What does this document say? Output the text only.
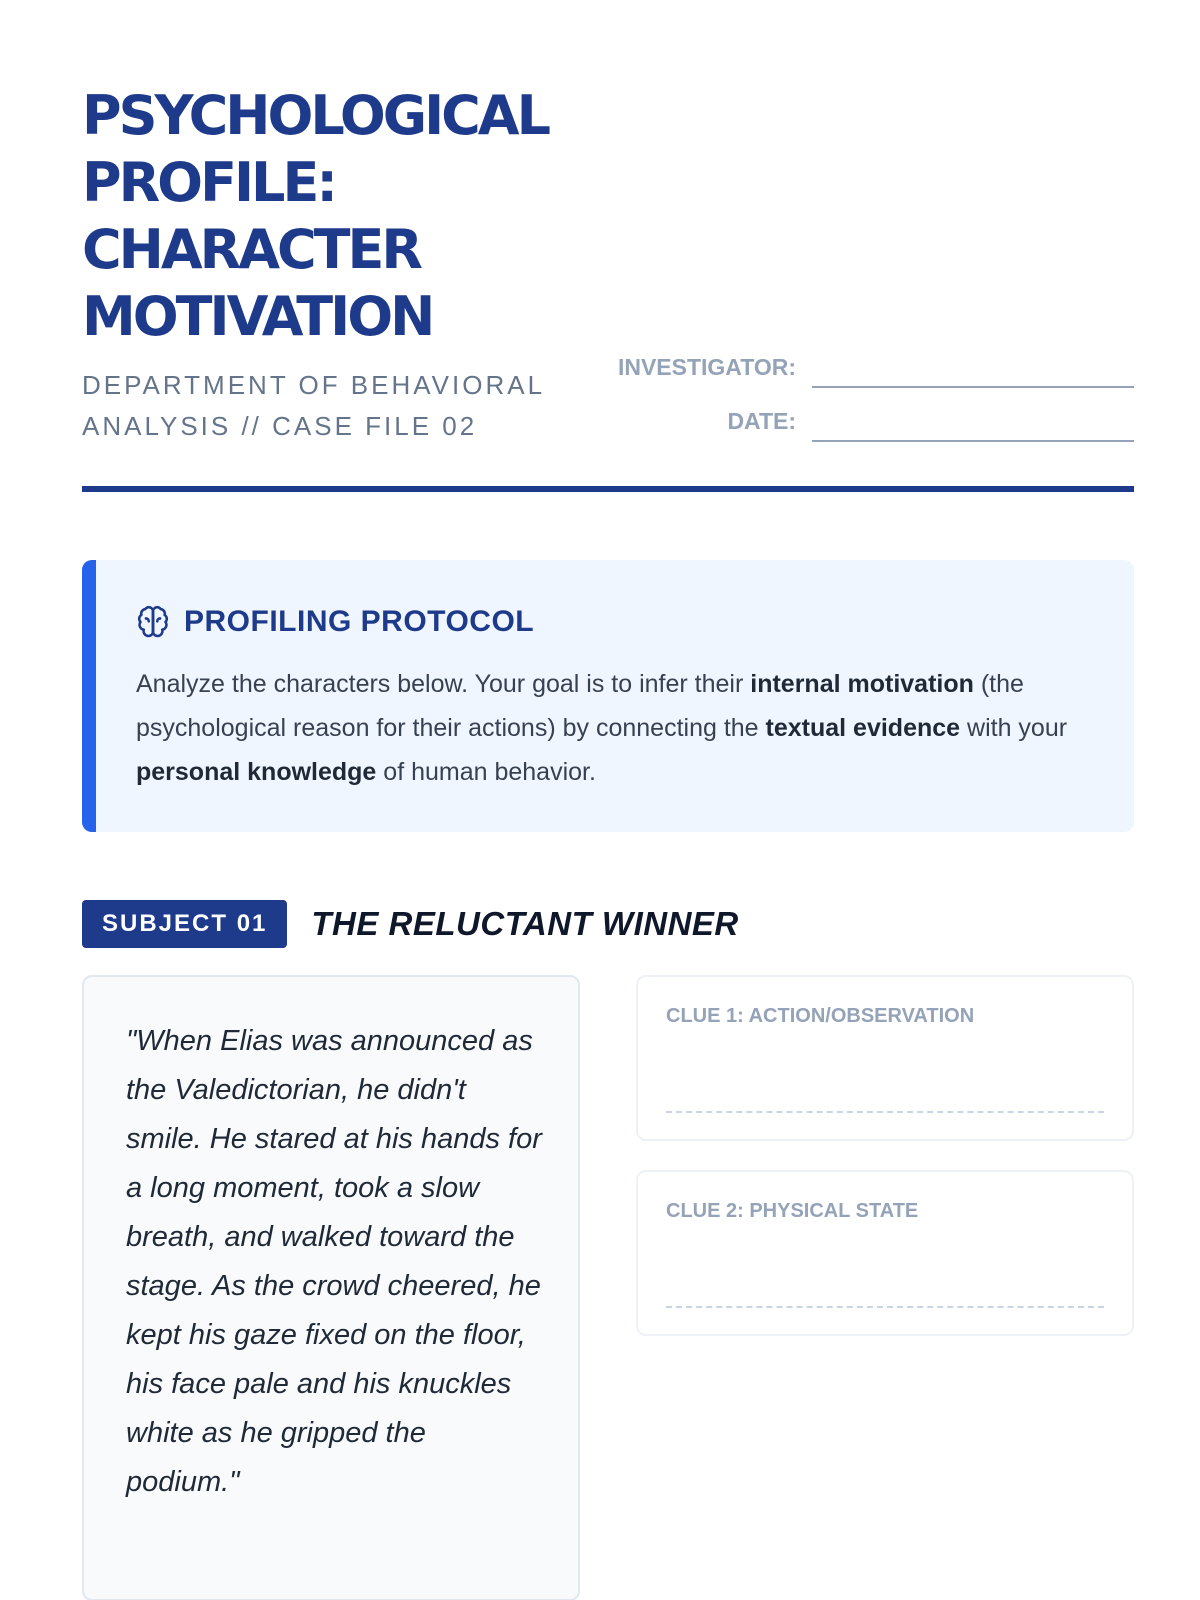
PSYCHOLOGICAL
PROFILE:
CHARACTER
MOTIVATION
DEPARTMENT OF BEHAVIORAL
ANALYSIS // CASE FILE 02
INVESTIGATOR:
DATE:
PROFILING PROTOCOL

Analyze the characters below. Your goal is to infer their internal motivation (the psychological reason for their actions) by connecting the textual evidence with your personal knowledge of human behavior.

SUBJECT 01	THE RELUCTANT WINNER

"When Elias was announced as the Valedictorian, he didn't smile. He stared at his hands for a long moment, took a slow breath, and walked toward the stage. As the crowd cheered, he kept his gaze fixed on the floor, his face pale and his knuckles white as he gripped the podium."

CLUE 1: ACTION/OBSERVATION
CLUE 2: PHYSICAL STATE
